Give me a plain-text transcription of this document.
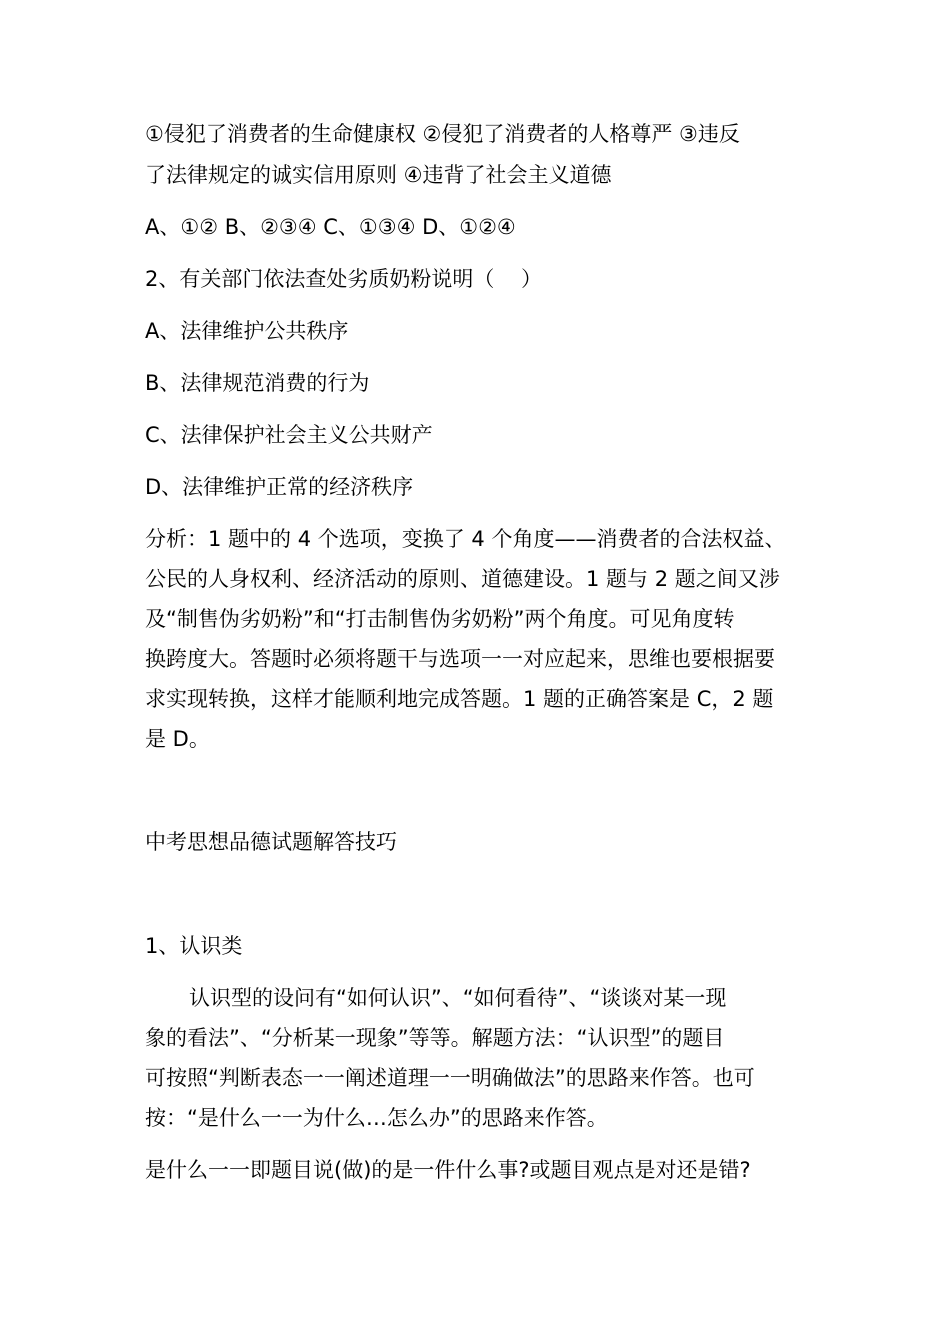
①侵犯了消费者的生命健康权 ②侵犯了消费者的人格尊严 ③违反
了法律规定的诚实信用原则 ④违背了社会主义道德
A、①② B、②③④ C、①③④ D、①②④
2、有关部门依法查处劣质奶粉说明（    ）
A、法律维护公共秩序
B、法律规范消费的行为
C、法律保护社会主义公共财产
D、法律维护正常的经济秩序
分析：1 题中的 4 个选项，变换了 4 个角度——消费者的合法权益、
公民的人身权利、经济活动的原则、道德建设。1 题与 2 题之间又涉
及“制售伪劣奶粉”和“打击制售伪劣奶粉”两个角度。可见角度转
换跨度大。答题时必须将题干与选项一一对应起来，思维也要根据要
求实现转换，这样才能顺利地完成答题。1 题的正确答案是 C，2 题
是 D。
中考思想品德试题解答技巧
1、认识类
认识型的设问有“如何认识”、“如何看待”、“谈谈对某一现
象的看法”、“分析某一现象”等等。解题方法：“认识型”的题目
可按照“判断表态一一阐述道理一一明确做法”的思路来作答。也可
按：“是什么一一为什么…怎么办”的思路来作答。
是什么一一即题目说(做)的是一件什么事?或题目观点是对还是错?
